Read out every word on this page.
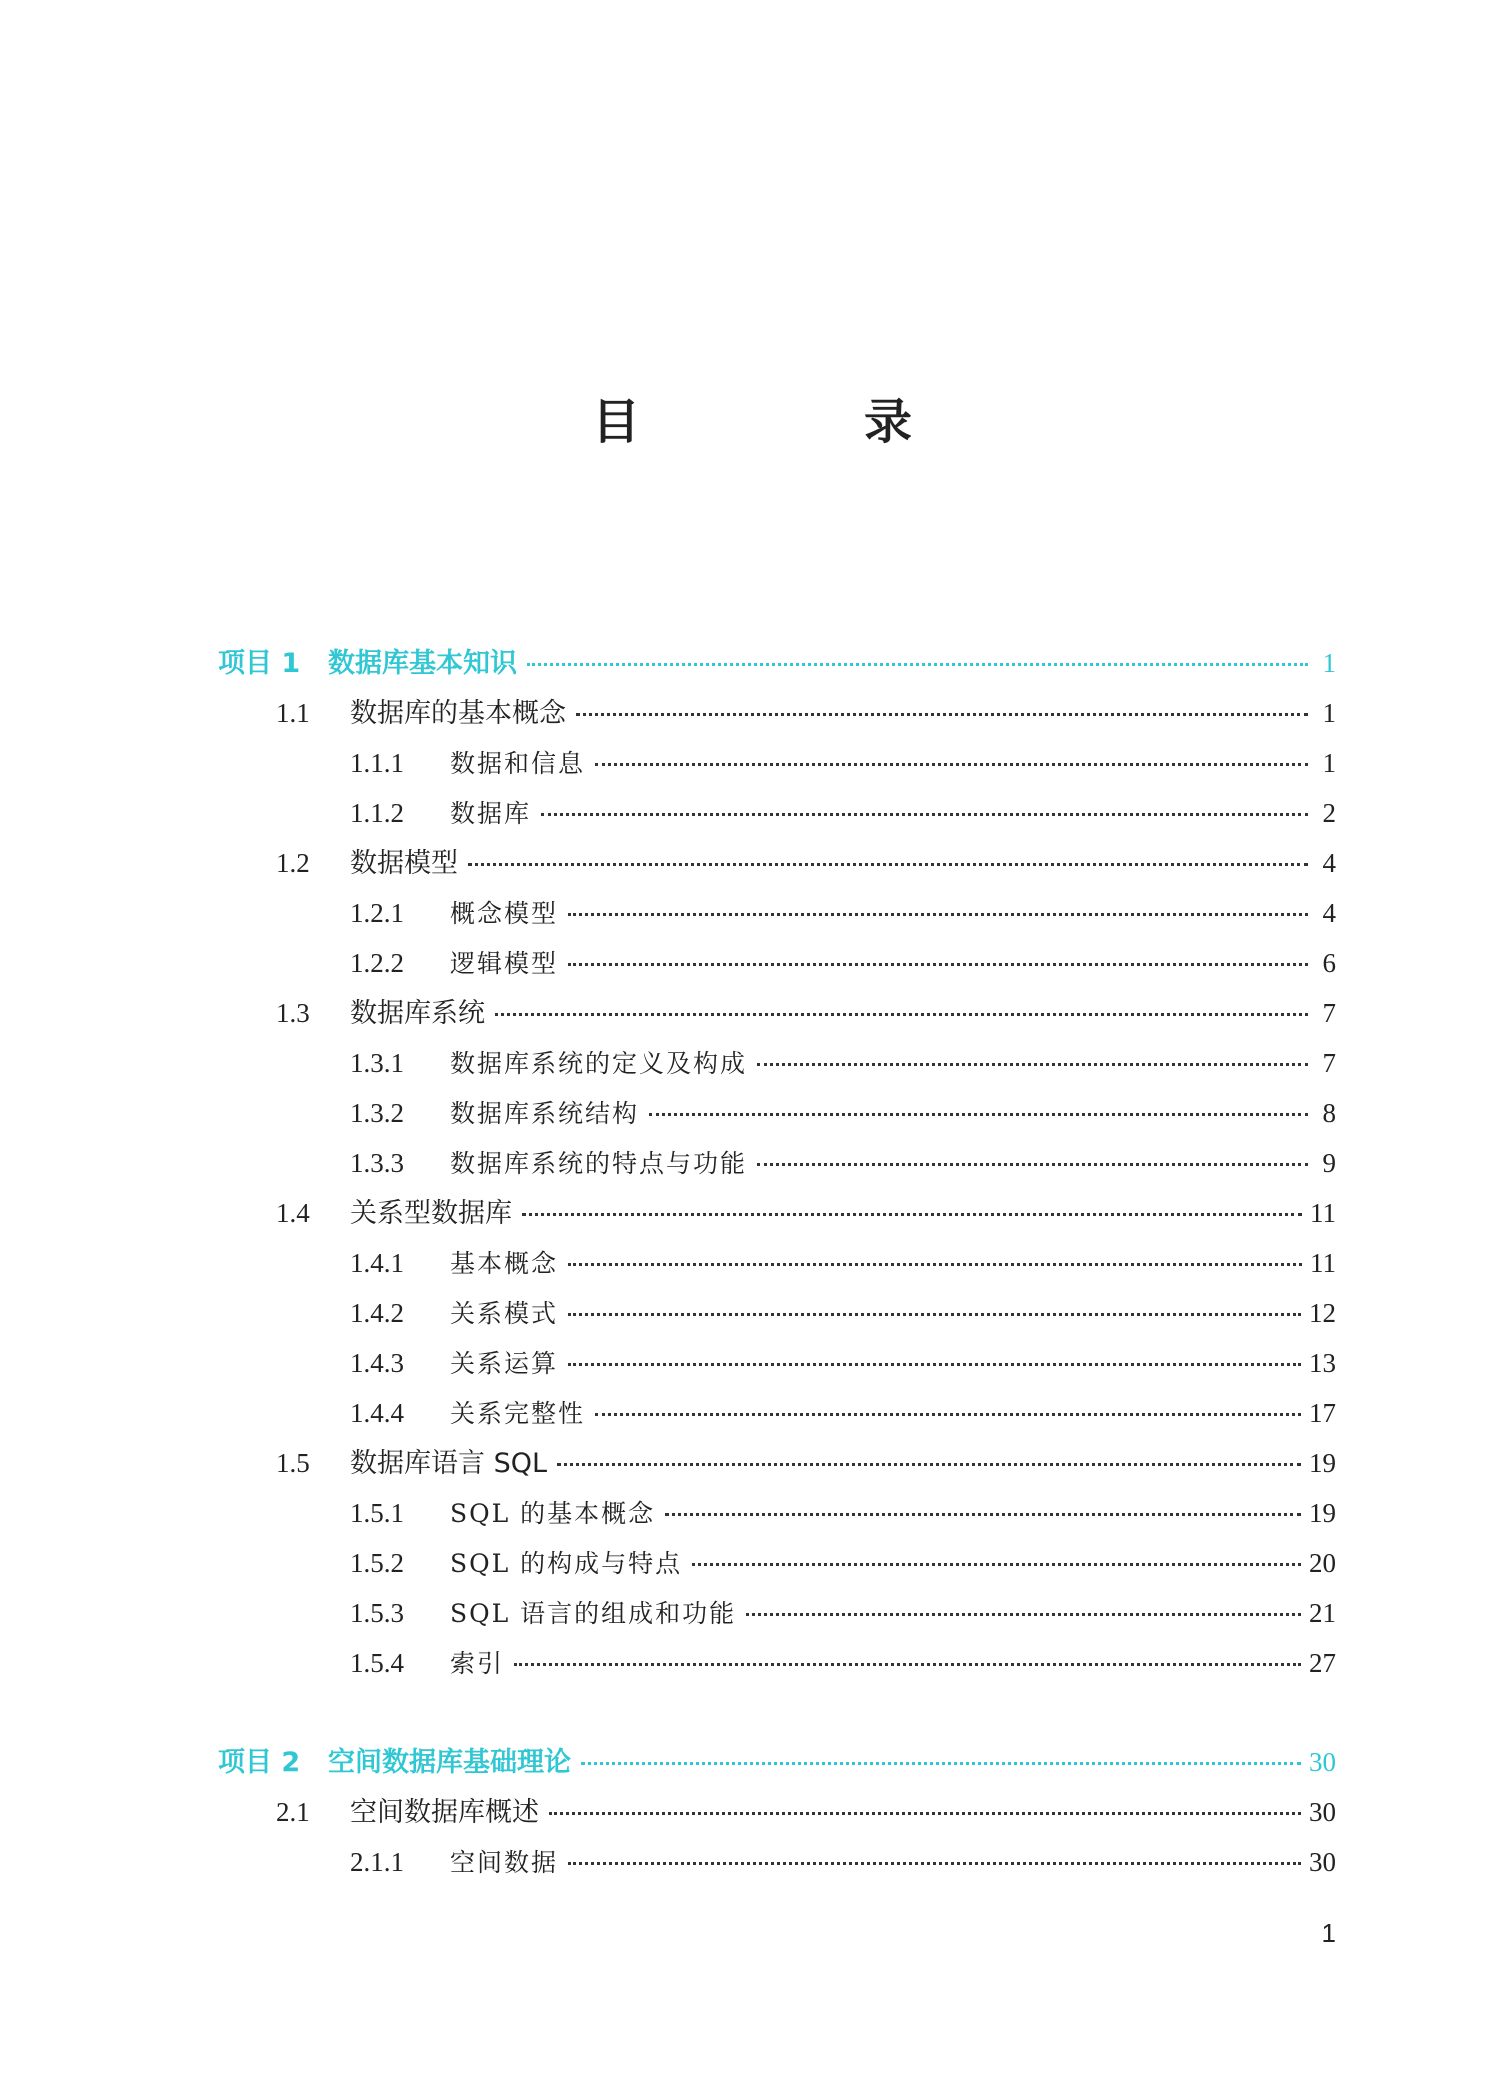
目　录
项目 1	数据库基本知识	1
1.1	数据库的基本概念	1
1.1.1	数据和信息	1
1.1.2	数据库	2
1.2	数据模型	4
1.2.1	概念模型	4
1.2.2	逻辑模型	6
1.3	数据库系统	7
1.3.1	数据库系统的定义及构成	7
1.3.2	数据库系统结构	8
1.3.3	数据库系统的特点与功能	9
1.4	关系型数据库	11
1.4.1	基本概念	11
1.4.2	关系模式	12
1.4.3	关系运算	13
1.4.4	关系完整性	17
1.5	数据库语言 SQL	19
1.5.1	SQL 的基本概念	19
1.5.2	SQL 的构成与特点	20
1.5.3	SQL 语言的组成和功能	21
1.5.4	索引	27
项目 2	空间数据库基础理论	30
2.1	空间数据库概述	30
2.1.1	空间数据	30
1
